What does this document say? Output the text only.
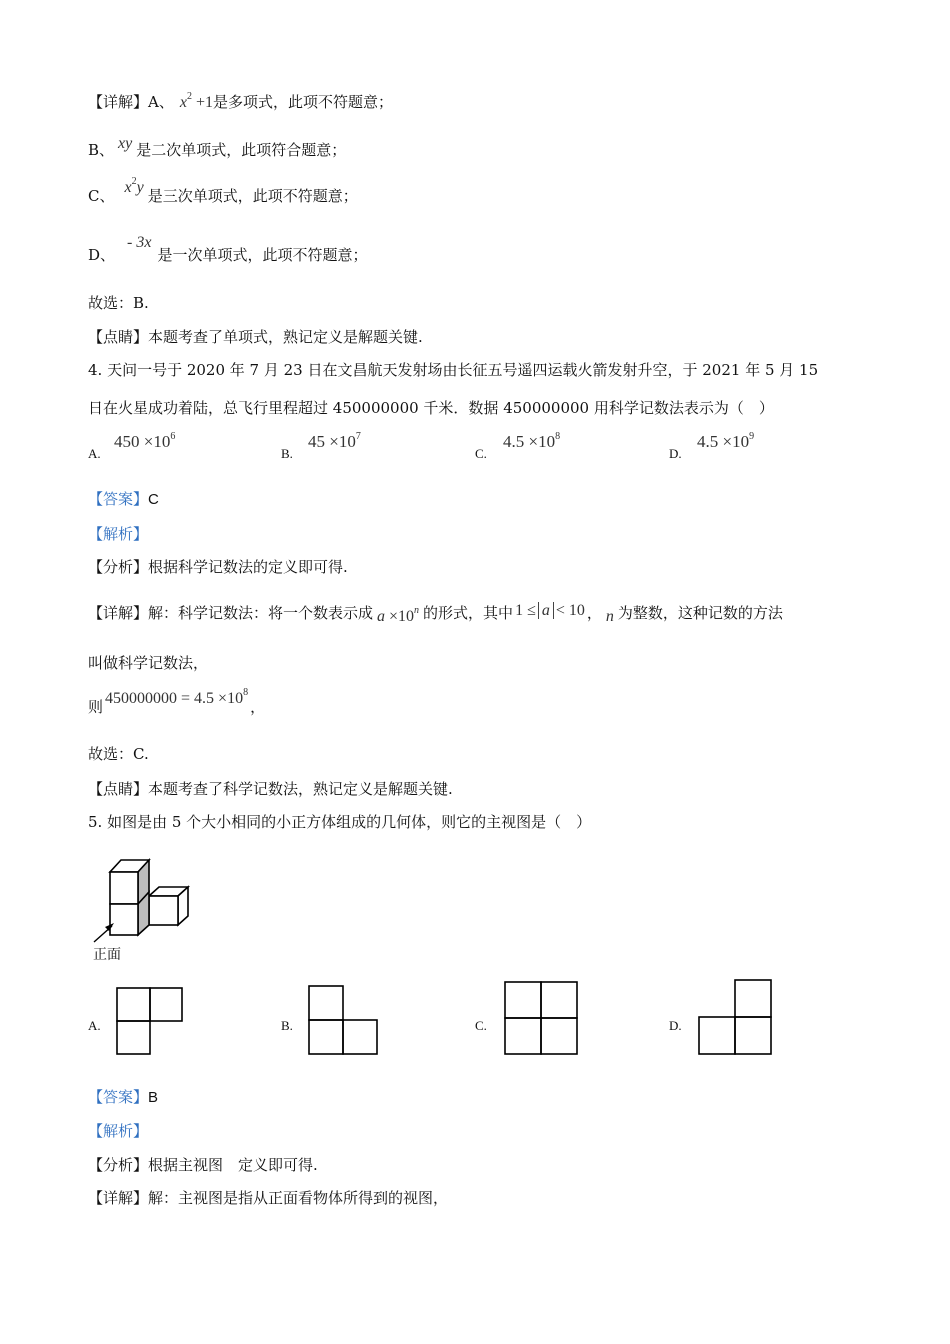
【详解】A、 $x^2 +1$是多项式，此项不符题意；
B、 xy 是二次单项式，此项符合题意；
C、 $x^2y$ 是三次单项式，此项不符题意；
D、- 3x是一次单项式，此项不符题意；
故选：B.
【点睛】本题考查了单项式，熟记定义是解题关键.
4. 天问一号于 2020 年 7 月 23 日在文昌航天发射场由长征五号遥四运载火箭发射升空，于 2021 年 5 月 15
日在火星成功着陆，总飞行里程超过 450000000 千米．数据 450000000 用科学记数法表示为（　）
A.
$450 \times 10^6$
B.
$45 \times 10^7$
C.
$4.5 \times 10^8$
D.
$4.5 \times 10^9$
【答案】C
【解析】
【分析】根据科学记数法的定义即可得.
【详解】解：科学记数法：将一个数表示成 $a \times 10^n$ 的形式，其中 1 ≤ a < 10 ， n 为整数，这种记数的方法
叫做科学记数法，
则 $450000000 = 4.5 \times 10^8$，
故选：C.
【点睛】本题考查了科学记数法，熟记定义是解题关键.
5. 如图是由 5 个大小相同的小正方体组成的几何体，则它的主视图是（　）
正面
A.	B.	C.	D.
【答案】B
【解析】
【分析】根据主视图　定义即可得.
【详解】解：主视图是指从正面看物体所得到的视图，
